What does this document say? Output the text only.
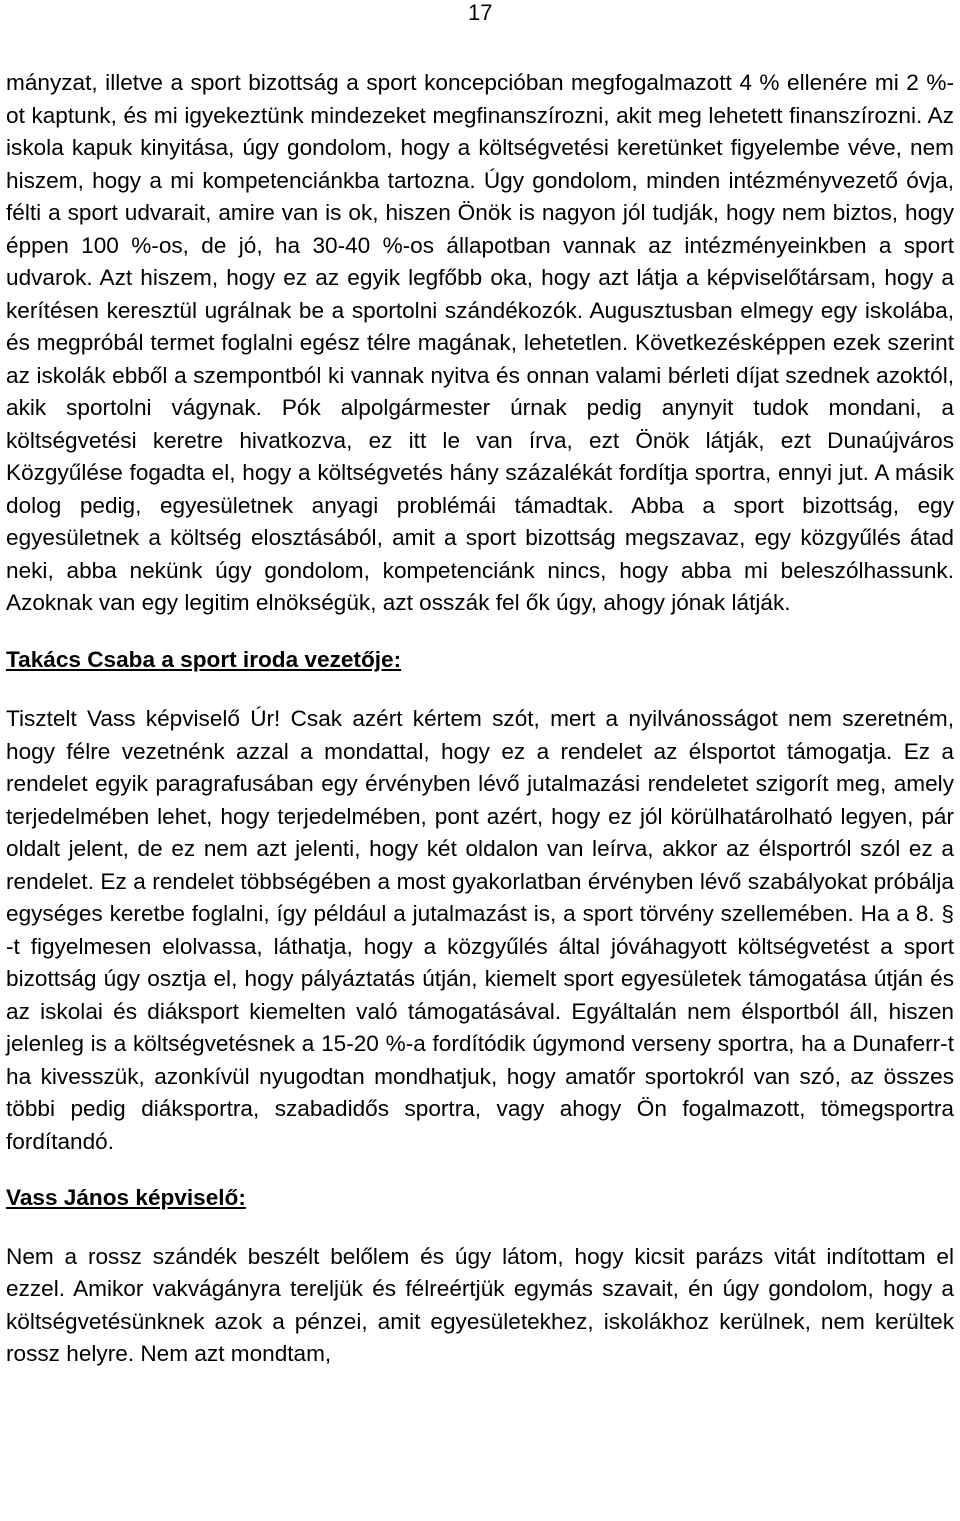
17

mányzat, illetve a sport bizottság a sport koncepcióban megfogalmazott 4 % ellenére mi 2 %-ot kaptunk, és mi igyekeztünk mindezeket megfinanszírozni, akit meg lehetett finanszírozni. Az iskola kapuk kinyitása, úgy gondolom, hogy a költségvetési keretünket figyelembe véve, nem hiszem, hogy a mi kompetenciánkba tartozna. Úgy gondolom, minden intézményvezető óvja, félti a sport udvarait, amire van is ok, hiszen Önök is nagyon jól tudják, hogy nem biztos, hogy éppen 100 %-os, de jó, ha 30-40 %-os állapotban vannak az intézményeinkben a sport udvarok. Azt hiszem, hogy ez az egyik legfőbb oka, hogy azt látja a képviselőtársam, hogy a kerítésen keresztül ugrálnak be a sportolni szándékozók. Augusztusban elmegy egy iskolába, és megpróbál termet foglalni egész télre magának, lehetetlen. Következésképpen ezek szerint az iskolák ebből a szempontból ki vannak nyitva és onnan valami bérleti díjat szednek azoktól, akik sportolni vágynak. Pók alpolgármester úrnak pedig anynyit tudok mondani, a költségvetési keretre hivatkozva, ez itt le van írva, ezt Önök látják, ezt Dunaújváros Közgyűlése fogadta el, hogy a költségvetés hány százalékát fordítja sportra, ennyi jut. A másik dolog pedig, egyesületnek anyagi problémái támadtak. Abba a sport bizottság, egy egyesületnek a költség elosztásából, amit a sport bizottság megszavaz, egy közgyűlés átad neki, abba nekünk úgy gondolom, kompetenciánk nincs, hogy abba mi beleszólhassunk. Azoknak van egy legitim elnökségük, azt osszák fel ők úgy, ahogy jónak látják.

Takács Csaba a sport iroda vezetője:

Tisztelt Vass képviselő Úr! Csak azért kértem szót, mert a nyilvánosságot nem szeretném, hogy félre vezetnénk azzal a mondattal, hogy ez a rendelet az élsportot támogatja. Ez a rendelet egyik paragrafusában egy érvényben lévő jutalmazási rendeletet szigorít meg, amely terjedelmében lehet, hogy terjedelmében, pont azért, hogy ez jól körülhatárolható legyen, pár oldalt jelent, de ez nem azt jelenti, hogy két oldalon van leírva, akkor az élsportról szól ez a rendelet. Ez a rendelet többségében a most gyakorlatban érvényben lévő szabályokat próbálja egységes keretbe foglalni, így például a jutalmazást is, a sport törvény szellemében. Ha a 8. § -t figyelmesen elolvassa, láthatja, hogy a közgyűlés által jóváhagyott költségvetést a sport bizottság úgy osztja el, hogy pályáztatás útján, kiemelt sport egyesületek támogatása útján és az iskolai és diáksport kiemelten való támogatásával. Egyáltalán nem élsportból áll, hiszen jelenleg is a költségvetésnek a 15-20 %-a fordítódik úgymond verseny sportra, ha a Dunaferr-t ha kivesszük, azonkívül nyugodtan mondhatjuk, hogy amatőr sportokról van szó, az összes többi pedig diáksportra, szabadidős sportra, vagy ahogy Ön fogalmazott, tömegsportra fordítandó.

Vass János képviselő:

Nem a rossz szándék beszélt belőlem és úgy látom, hogy kicsit parázs vitát indítottam el ezzel. Amikor vakvágányra tereljük és félreértjük egymás szavait, én úgy gondolom, hogy a költségvetésünknek azok a pénzei, amit egyesületekhez, iskolákhoz kerülnek, nem kerültek rossz helyre. Nem azt mondtam,
